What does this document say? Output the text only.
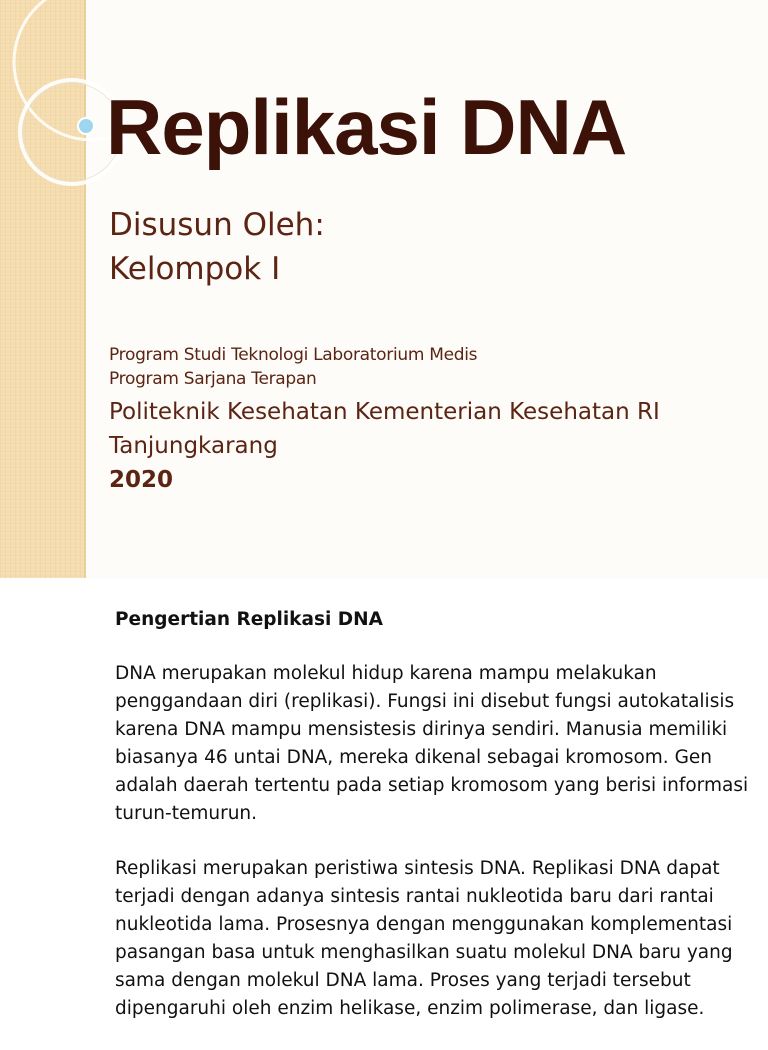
Replikasi DNA
Disusun Oleh:
Kelompok I
Program Studi Teknologi Laboratorium Medis
Program Sarjana Terapan
Politeknik Kesehatan Kementerian Kesehatan RI
Tanjungkarang
2020
Pengertian Replikasi DNA

DNA merupakan molekul hidup karena mampu melakukan
penggandaan diri (replikasi). Fungsi ini disebut fungsi autokatalisis
karena DNA mampu mensistesis dirinya sendiri. Manusia memiliki
biasanya 46 untai DNA, mereka dikenal sebagai kromosom. Gen
adalah daerah tertentu pada setiap kromosom yang berisi informasi
turun-temurun.

Replikasi merupakan peristiwa sintesis DNA. Replikasi DNA dapat
terjadi dengan adanya sintesis rantai nukleotida baru dari rantai
nukleotida lama. Prosesnya dengan menggunakan komplementasi
pasangan basa untuk menghasilkan suatu molekul DNA baru yang
sama dengan molekul DNA lama. Proses yang terjadi tersebut
dipengaruhi oleh enzim helikase, enzim polimerase, dan ligase.
